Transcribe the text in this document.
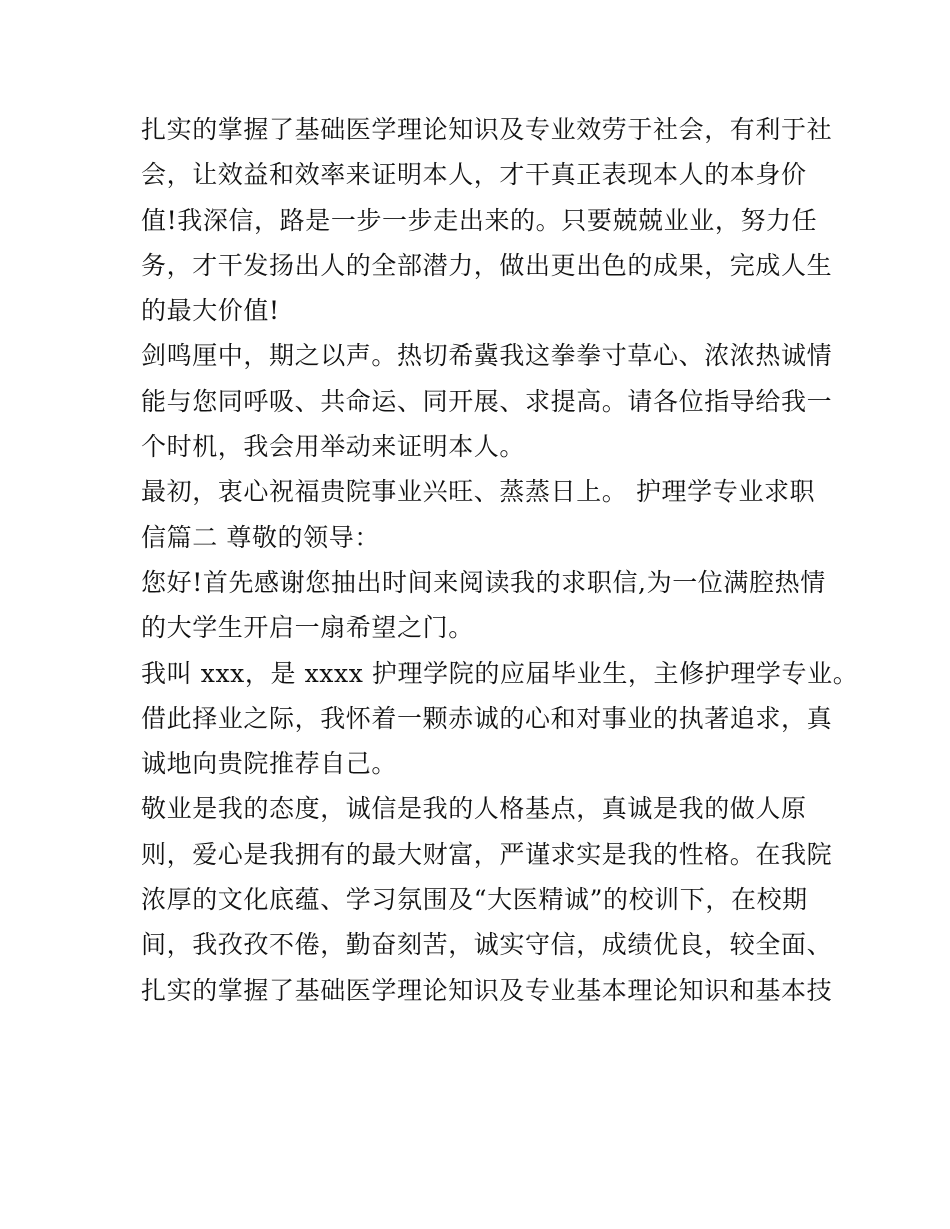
扎实的掌握了基础医学理论知识及专业效劳于社会，有利于社
会，让效益和效率来证明本人，才干真正表现本人的本身价
值!我深信，路是一步一步走出来的。只要兢兢业业，努力任
务，才干发扬出人的全部潜力，做出更出色的成果，完成人生
的最大价值!
剑鸣厘中，期之以声。热切希冀我这拳拳寸草心、浓浓热诚情
能与您同呼吸、共命运、同开展、求提高。请各位指导给我一
个时机，我会用举动来证明本人。
最初，衷心祝福贵院事业兴旺、蒸蒸日上。 护理学专业求职
信篇二 尊敬的领导：
您好!首先感谢您抽出时间来阅读我的求职信,为一位满腔热情
的大学生开启一扇希望之门。
我叫 xxx，是 xxxx 护理学院的应届毕业生，主修护理学专业。
借此择业之际，我怀着一颗赤诚的心和对事业的执著追求，真
诚地向贵院推荐自己。
敬业是我的态度，诚信是我的人格基点，真诚是我的做人原
则，爱心是我拥有的最大财富，严谨求实是我的性格。在我院
浓厚的文化底蕴、学习氛围及“大医精诚”的校训下，在校期
间，我孜孜不倦，勤奋刻苦，诚实守信，成绩优良，较全面、
扎实的掌握了基础医学理论知识及专业基本理论知识和基本技
